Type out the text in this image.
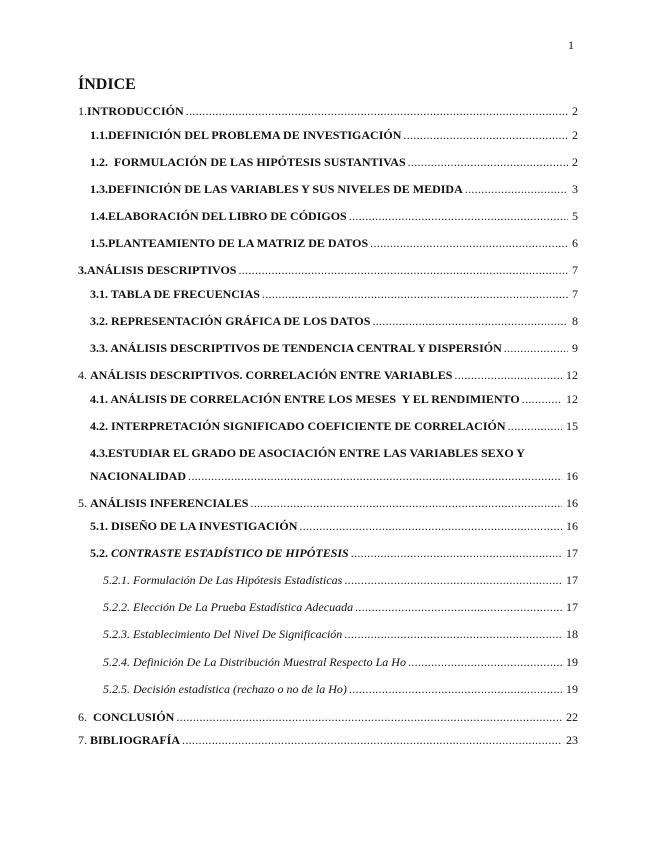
1
ÍNDICE
1.INTRODUCCIÓN .....	2
1.1.DEFINICIÓN DEL PROBLEMA DE INVESTIGACIÓN .....	2
1.2.  FORMULACIÓN DE LAS HIPÓTESIS SUSTANTIVAS .....	2
1.3.DEFINICIÓN DE LAS VARIABLES Y SUS NIVELES DE MEDIDA .....	3
1.4.ELABORACIÓN DEL LIBRO DE CÓDIGOS .....	5
1.5.PLANTEAMIENTO DE LA MATRIZ DE DATOS .....	6
3.ANÁLISIS DESCRIPTIVOS .....	7
3.1. TABLA DE FRECUENCIAS .....	7
3.2. REPRESENTACIÓN GRÁFICA DE LOS DATOS .....	8
3.3. ANÁLISIS DESCRIPTIVOS DE TENDENCIA CENTRAL Y DISPERSIÓN .....	9
4. ANÁLISIS DESCRIPTIVOS. CORRELACIÓN ENTRE VARIABLES .....	12
4.1. ANÁLISIS DE CORRELACIÓN ENTRE LOS MESES  Y EL RENDIMIENTO .....	12
4.2. INTERPRETACIÓN SIGNIFICADO COEFICIENTE DE CORRELACIÓN .....	15
4.3.ESTUDIAR EL GRADO DE ASOCIACIÓN ENTRE LAS VARIABLES SEXO Y
NACIONALIDAD .....	16
5. ANÁLISIS INFERENCIALES .....	16
5.1. DISEÑO DE LA INVESTIGACIÓN .....	16
5.2. CONTRASTE ESTADÍSTICO DE HIPÓTESIS .....	17
5.2.1. Formulación De Las Hipótesis Estadísticas .....	17
5.2.2. Elección De La Prueba Estadística Adecuada .....	17
5.2.3. Establecimiento Del Nivel De Significación .....	18
5.2.4. Definición De La Distribución Muestral Respecto La Ho .....	19
5.2.5. Decisión estadística (rechazo o no de la Ho) .....	19
6.  CONCLUSIÓN .....	22
7. BIBLIOGRAFÍA .....	23
